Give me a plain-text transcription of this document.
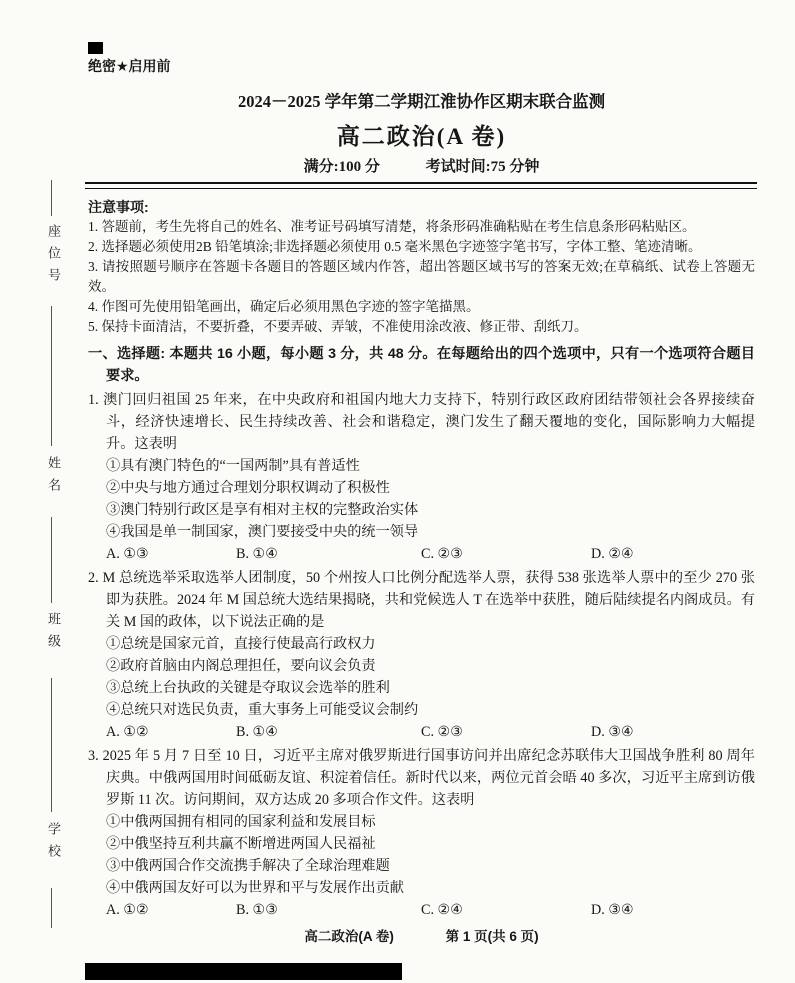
座位号
姓名
班级
学校
绝密★启用前
2024－2025 学年第二学期江淮协作区期末联合监测
高二政治(A 卷)
满分:100 分	考试时间:75 分钟
注意事项:

1. 答题前，考生先将自己的姓名、准考证号码填写清楚，将条形码准确粘贴在考生信息条形码粘贴区。

2. 选择题必须使用2B 铅笔填涂;非选择题必须使用 0.5 毫米黑色字迹签字笔书写，字体工整、笔迹清晰。

3. 请按照题号顺序在答题卡各题目的答题区域内作答，超出答题区域书写的答案无效;在草稿纸、试卷上答题无效。

4. 作图可先使用铅笔画出，确定后必须用黑色字迹的签字笔描黑。

5. 保持卡面清洁，不要折叠，不要弄破、弄皱，不准使用涂改液、修正带、刮纸刀。

一、选择题: 本题共 16 小题，每小题 3 分，共 48 分。在每题给出的四个选项中，只有一个选项符合题目要求。

1. 澳门回归祖国 25 年来，在中央政府和祖国内地大力支持下，特别行政区政府团结带领社会各界接续奋斗，经济快速增长、民生持续改善、社会和谐稳定，澳门发生了翻天覆地的变化，国际影响力大幅提升。这表明

①具有澳门特色的“一国两制”具有普适性

②中央与地方通过合理划分职权调动了积极性

③澳门特别行政区是享有相对主权的完整政治实体

④我国是单一制国家，澳门要接受中央的统一领导

A. ①③	B. ①④	C. ②③	D. ②④

2. M 总统选举采取选举人团制度，50 个州按人口比例分配选举人票，获得 538 张选举人票中的至少 270 张即为获胜。2024 年 M 国总统大选结果揭晓，共和党候选人 T 在选举中获胜，随后陆续提名内阁成员。有关 M 国的政体，以下说法正确的是

①总统是国家元首，直接行使最高行政权力

②政府首脑由内阁总理担任，要向议会负责

③总统上台执政的关键是夺取议会选举的胜利

④总统只对选民负责，重大事务上可能受议会制约

A. ①②	B. ①④	C. ②③	D. ③④

3. 2025 年 5 月 7 日至 10 日，习近平主席对俄罗斯进行国事访问并出席纪念苏联伟大卫国战争胜利 80 周年庆典。中俄两国用时间砥砺友谊、积淀着信任。新时代以来，两位元首会晤 40 多次，习近平主席到访俄罗斯 11 次。访问期间，双方达成 20 多项合作文件。这表明

①中俄两国拥有相同的国家利益和发展目标

②中俄坚持互利共赢不断增进两国人民福祉

③中俄两国合作交流携手解决了全球治理难题

④中俄两国友好可以为世界和平与发展作出贡献

A. ①②	B. ①③	C. ②④	D. ③④
高二政治(A 卷)	第 1 页(共 6 页)
